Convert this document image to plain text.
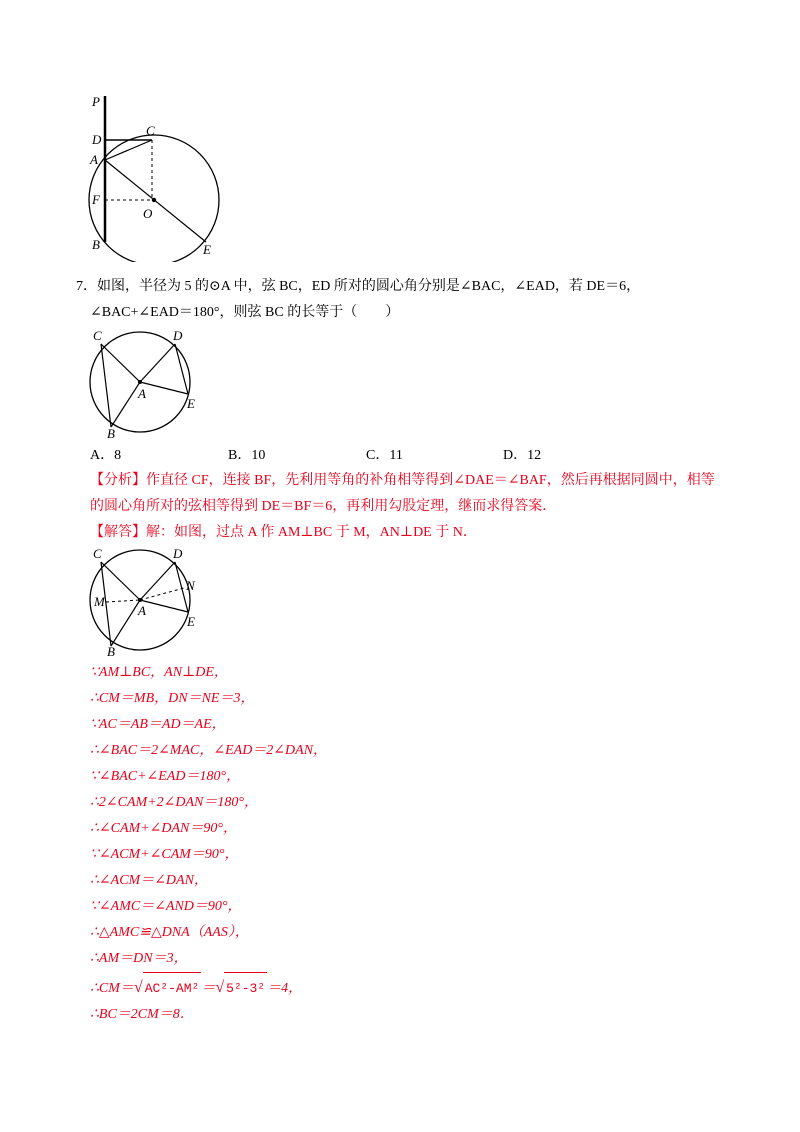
P
D
C
A
F
O
B	E
7．如图，半径为 5 的⊙A 中，弦 BC，ED 所对的圆心角分别是∠BAC，∠EAD，若 DE＝6，
∠BAC+∠EAD＝180°，则弦 BC 的长等于（　　）
C	D
A
E
B
A．8	B．10	C．11	D．12
【分析】作直径 CF，连接 BF，先利用等角的补角相等得到∠DAE＝∠BAF，然后再根据同圆中，相等
的圆心角所对的弦相等得到 DE＝BF＝6，再利用勾股定理，继而求得答案．
【解答】解：如图，过点 A 作 AM⊥BC 于 M，AN⊥DE 于 N．
C	D
N
M
A
E
B
∵AM⊥BC，AN⊥DE，
∴CM＝MB，DN＝NE＝3，
∵AC＝AB＝AD＝AE，
∴∠BAC＝2∠MAC，∠EAD＝2∠DAN，
∵∠BAC+∠EAD＝180°，
∴2∠CAM+2∠DAN＝180°，
∴∠CAM+∠DAN＝90°，
∵∠ACM+∠CAM＝90°，
∴∠ACM＝∠DAN，
∵∠AMC＝∠AND＝90°，
∴△AMC≌△DNA（AAS），
∴AM＝DN＝3，
∴CM＝√ AC²-AM² ＝√ 5²-3² ＝4，
∴BC＝2CM＝8．
